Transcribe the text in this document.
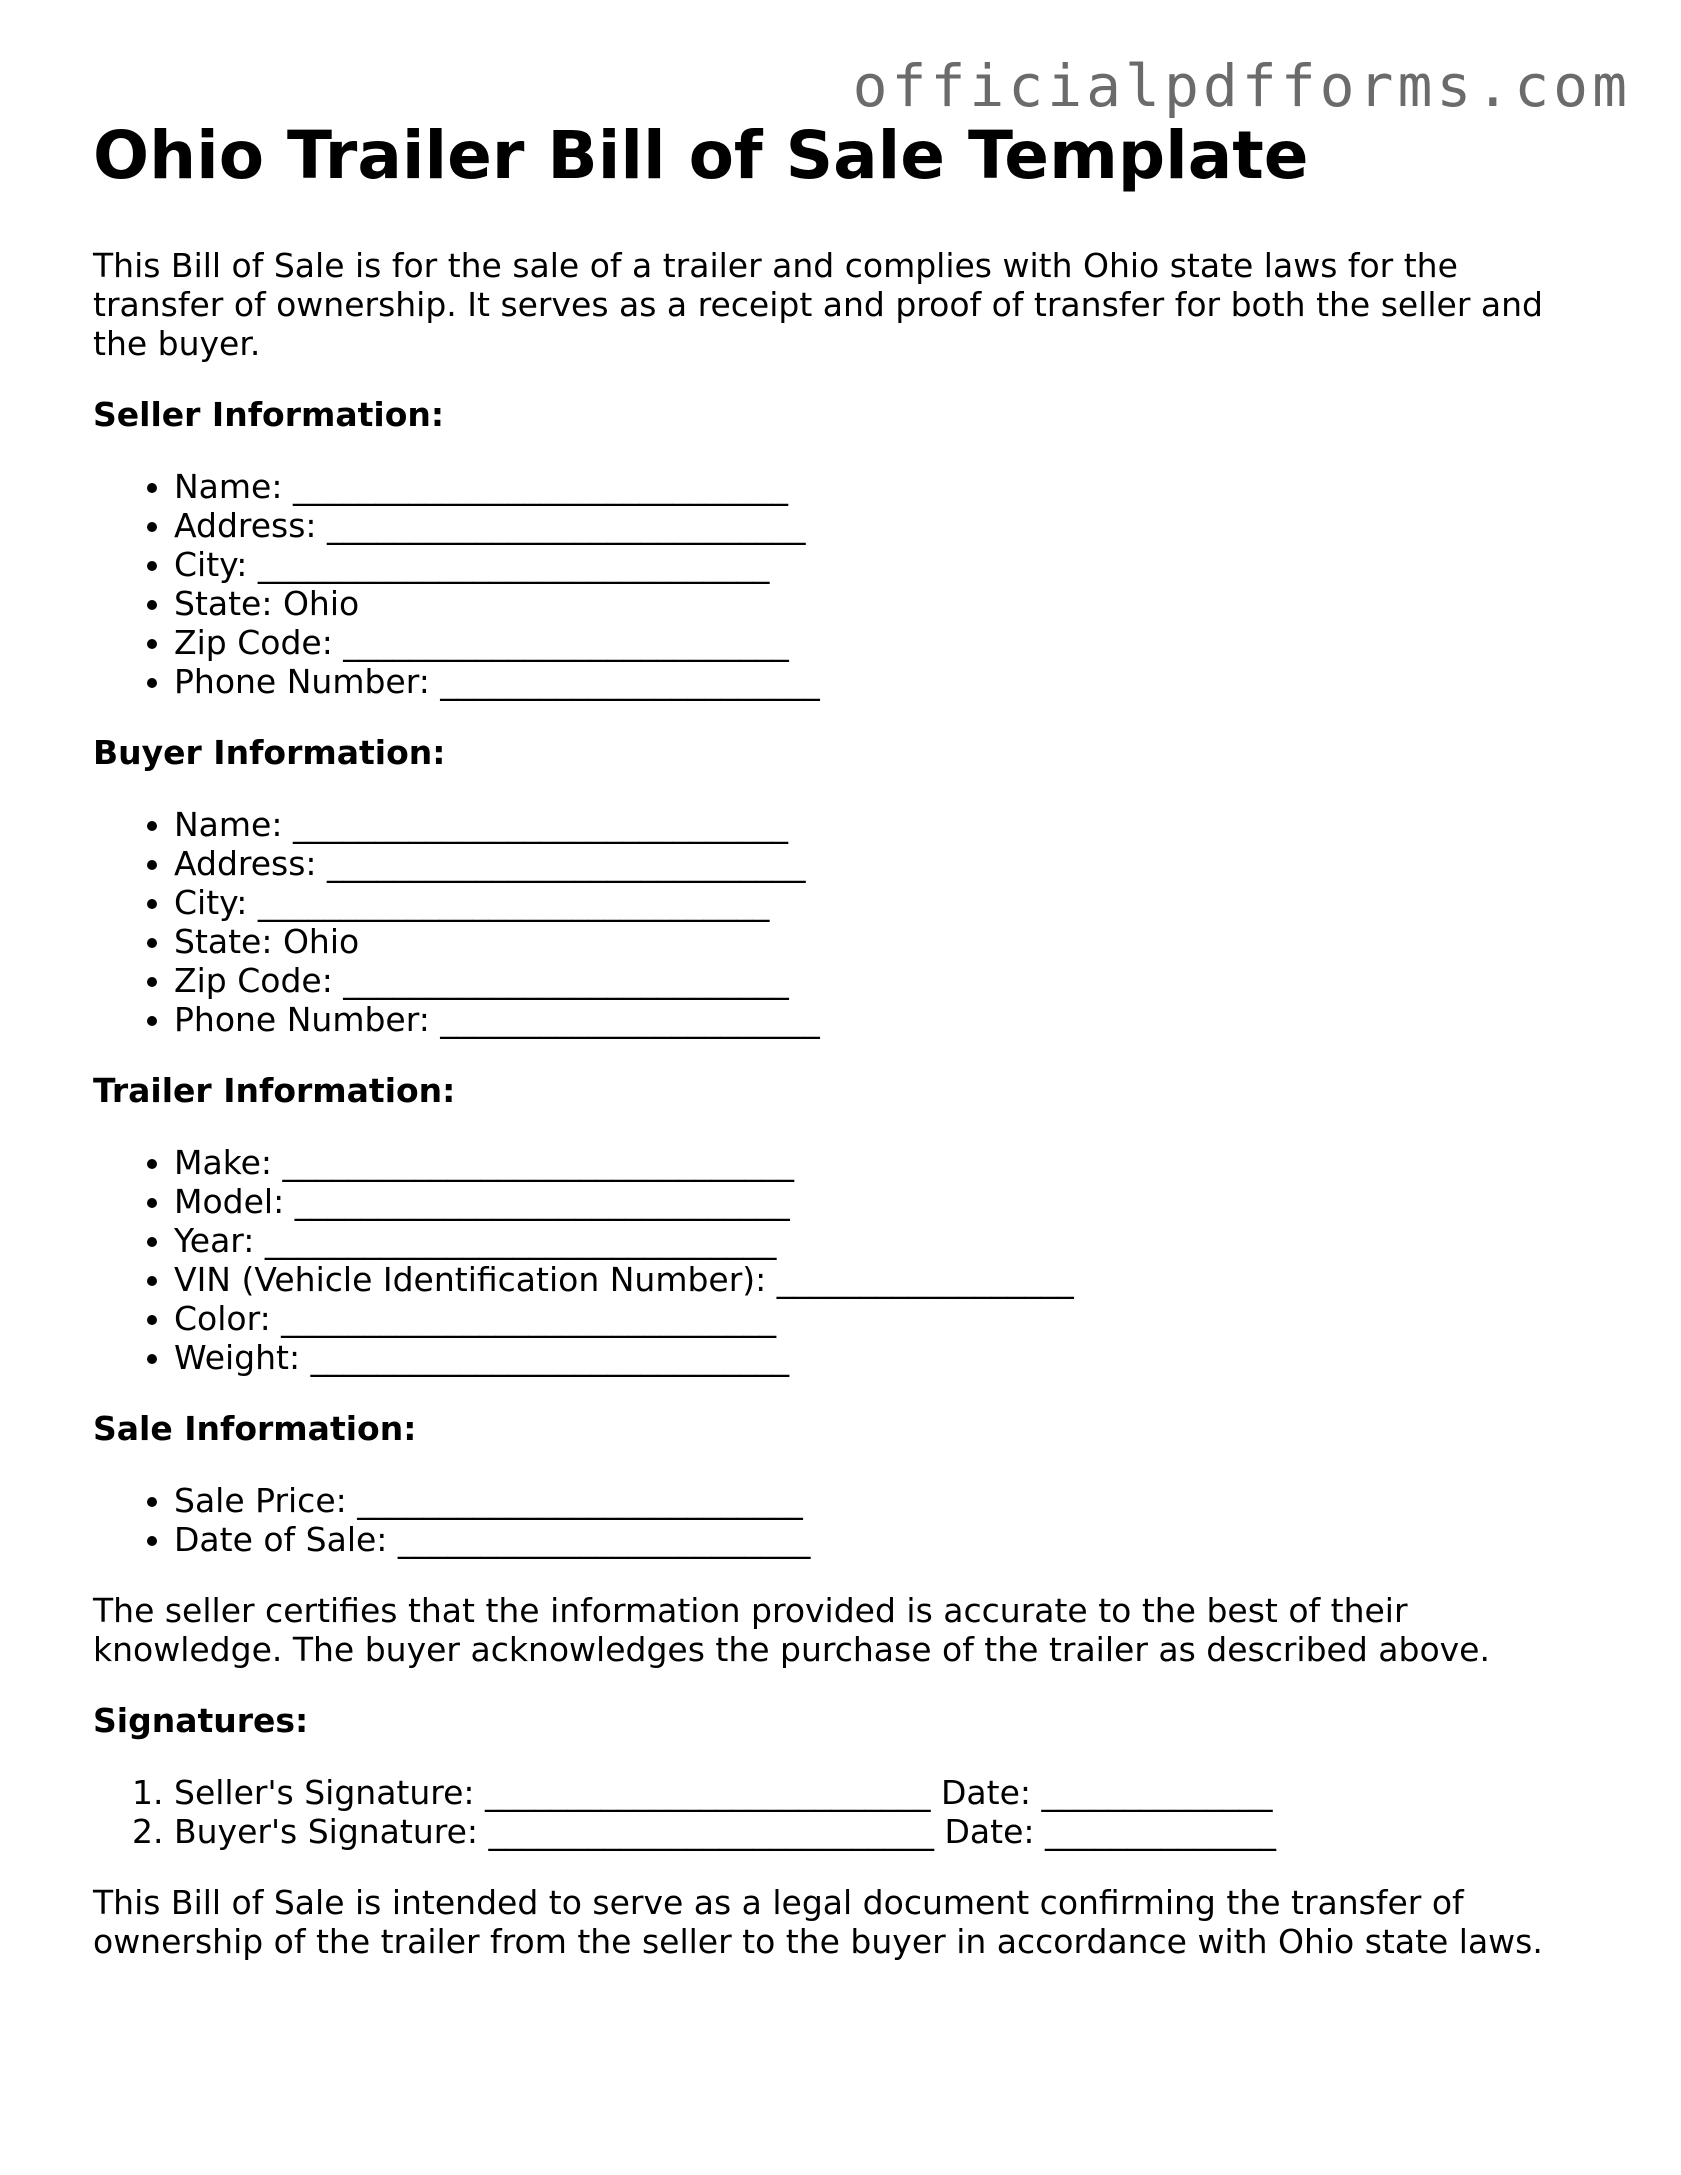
officialpdfforms.com
Ohio Trailer Bill of Sale Template

This Bill of Sale is for the sale of a trailer and complies with Ohio state laws for the transfer of ownership. It serves as a receipt and proof of transfer for both the seller and the buyer.

Seller Information:
• Name: ______________________________
• Address: _____________________________
• City: _______________________________
• State: Ohio
• Zip Code: ___________________________
• Phone Number: _______________________
Buyer Information:
• Name: ______________________________
• Address: _____________________________
• City: _______________________________
• State: Ohio
• Zip Code: ___________________________
• Phone Number: _______________________
Trailer Information:
• Make: _______________________________
• Model: ______________________________
• Year: _______________________________
• VIN (Vehicle Identification Number): __________________
• Color: ______________________________
• Weight: _____________________________
Sale Information:
• Sale Price: ___________________________
• Date of Sale: _________________________

The seller certifies that the information provided is accurate to the best of their knowledge. The buyer acknowledges the purchase of the trailer as described above.

Signatures:
1. Seller's Signature: ___________________________ Date: ______________
2. Buyer's Signature: ___________________________ Date: ______________

This Bill of Sale is intended to serve as a legal document confirming the transfer of ownership of the trailer from the seller to the buyer in accordance with Ohio state laws.
